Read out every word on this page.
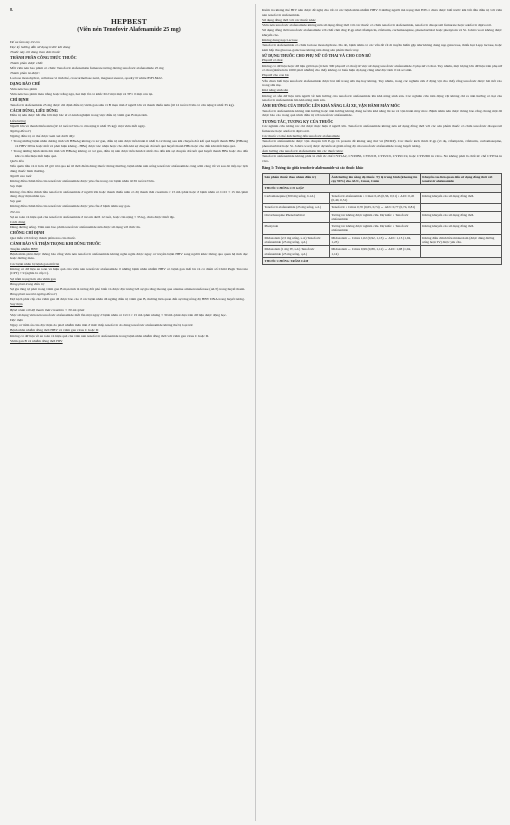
8.
HEPBEST
(Viên nén Tenofovir Alafenamide 25 mg)

Để xa tầm tay trẻ em

Đọc kỹ hướng dẫn sử dụng trước khi dùng

Thuốc này chỉ dùng theo đơn thuốc

THÀNH PHẦN CÔNG THỨC THUỐC

Thành phần dược chất:

Mỗi viên nén bao phim có chứa: Tenofovir alafenamide fumarate tương đương tenofovir alafenamide 25 mg

Thành phần tá dược:

Lactose monohydrat, cellulose vi tinh thể, croscarmellose natri, magnesi stearat, opadry II white 85F18422.

DẠNG BÀO CHẾ

Viên nén bao phim

Viên nén bao phim màu trắng hoặc trắng ngà, hai mặt lồi có khắc M ở một mặt và TF1 ở mặt còn lại.

CHỈ ĐỊNH

Tenofovir alafenamide 25 mg được chỉ định điều trị viêm gan siêu vi B mạn tính ở người lớn và thanh thiếu niên (từ 12 tuổi trở lên có cân nặng ít nhất 35 kg).

CÁCH DÙNG, LIỀU DÙNG

Điều trị nên được bắt đầu bởi một bác sĩ có kinh nghiệm trong việc điều trị viêm gan B mạn tính.

Liều lượng

Người lớn và thanh thiếu niên (từ 12 tuổi trở lên có cân nặng ít nhất 35 kg): một viên mỗi ngày.

Ngừng điều trị

Ngừng điều trị có thể được xem xét dưới đây:

• Trong những bệnh nhân dương tính với HBeAg không có xơ gan, điều trị nên được tiến hành ít nhất 6-12 tháng sau khi chuyển đổi kết quả huyết thanh HBe (HBeAg và HBV DNA hoặc mất và phát hiện kháng - HBe) được xác nhận hoặc cho đến khi sự chuyển đổi kết quả huyết thanh HBs hoặc cho đến khi mất hiệu quả.

• Trong những bệnh nhân âm tính với HBeAg không có xơ gan, điều trị nên được tiến hành ít nhất cho đến khi sự chuyển đổi kết quả huyết thanh HBs hoặc cho đến khi có dấu hiệu mất hiệu quả.

Quên liều

Nếu quên liều và ít hơn 18 giờ trôi qua kể từ thời điểm dùng thuốc thông thường, bệnh nhân nên uống tenofovir alafenamide càng sớm càng tốt và sau đó tiếp tục lịch dùng thuốc bình thường.

Người cao tuổi

Không điều chỉnh liều của tenofovir alafenamide được yêu cầu trong các bệnh nhân từ 65 tuổi trở lên.

Suy thận

Không cần điều chỉnh liều tenofovir alafenamide ở người lớn hoặc thanh thiếu niên có độ thanh thải creatinin ≥ 15 mL/phút hoặc ở bệnh nhân có CrCl < 15 mL/phút đang chạy thận nhân tạo.

Suy gan

Không điều chỉnh liều của tenofovir alafenamide được yêu cầu ở bệnh nhân suy gan.

Trẻ em

Sự an toàn và hiệu quả của tenofovir alafenamide ở trẻ em dưới 12 tuổi, hoặc cân nặng < 35 kg, chưa được thiết lập.

Cách dùng

Dùng đường uống. Viên nén bao phim tenofovir alafenamide nên được sử dụng với thức ăn.

CHỐNG CHỈ ĐỊNH

Quá mẫn với bất kỳ thành phần nào của thuốc.

CẢNH BÁO VÀ THẬN TRỌNG KHI DÙNG THUỐC

Truyền nhiễm HBV

Bệnh nhân phải được thông báo rằng viên nén tenofovir alafenamide không ngăn ngừa được nguy cơ truyền bệnh HBV sang người khác thông qua quan hệ tình dục hoặc đường máu.

Các bệnh nhân bị bệnh gan mất bù

Không có dữ liệu an toàn và hiệu quả của viên nén tenofovir alafenamide ở những bệnh nhân nhiễm HBV có bệnh gan mất bù và có điểm số Child Pugh Turcotte (CPT) > 9 (nghĩa là cấp C).

Sự trầm trọng hơn của viêm gan

Bùng phát trong điều trị

Sự gia tăng tự phát trong viêm gan B mạn tính là tương đối phổ biến và được đặc trưng bởi sự gia tăng thoáng qua alanine aminotransferase (ALT) trong huyết thanh.

Bùng phát sau khi ngừng điều trị

Đợt kịch phát cấp của viêm gan đã được báo cáo ở các bệnh nhân đã ngừng điều trị viêm gan B, thường liên quan đến sự tăng nồng độ HBV DNA trong huyết tương.

Suy thận

Bệnh nhân với độ thanh thải creatinin < 30 mL/phút

Việc sử dụng viên nén tenofovir alafenamide mỗi lần một ngày ở bệnh nhân có CrCl ≥ 15 mL/phút nhưng < 30 mL/phút dựa trên dữ liệu dược động học.

Độc thận

Nguy cơ tiềm ẩn của độc thận do phơi nhiễm mãn tính ở mức thấp tenofovir do dùng tenofovir alafenamide không thể bị loại trừ.

Bệnh nhân nhiễm đồng thời HBV và viêm gan virus C hoặc D

Không có dữ liệu về an toàn và hiệu quả của viên nén tenofovir alafenamide trong bệnh nhân nhiễm đồng thời với viêm gan virus C hoặc D.

Viêm gan B và nhiễm đồng thời HIV

Kiểm tra kháng thể HIV nên được đề nghị cho tất cả các bệnh nhân nhiễm HBV ở những người mà trạng thái HIV-1 chưa được biết trước khi bắt đầu điều trị với viên nén tenofovir alafenamide.

Sử dụng đồng thời với các thuốc khác

Viên nén tenofovir alafenamide không nên sử dụng đồng thời với các thuốc có chứa tenofovir alafenamide, tenofovir disoproxil fumarate hoặc adefovir dipivoxil.

Sử dụng đồng thời tenofovir alafenamide với chất cảm ứng P-gp như rifampicin, rifabutin, carbamazepine, phenobarbital hoặc phenytoin và St. John's wort không được khuyến cáo.

Không dung nạp Lactose

Tenofovir alafenamide có chứa lactose monohydrate. Do đó, bệnh nhân có các vấn đề về di truyền hiếm gặp như không dung nạp galactose, thiếu hụt Lapp lactase, hoặc kém hấp thu glucose-galactose không nên dùng sản phẩm thuốc này.

SỬ DỤNG THUỐC CHO PHỤ NỮ CÓ THAI VÀ CHO CON BÚ

Phụ nữ có thai

Không có dữ liệu hoặc dữ liệu giới hạn (ít hơn 300 phụ nữ có thai) từ việc sử dụng tenofovir alafenamide ở phụ nữ có thai. Tuy nhiên, một lượng lớn dữ liệu trên phụ nữ có thai (nhiều hơn 1000 phơi nhiễm) cho thấy không có biểu hiện dị dạng cũng như độc tính ở trẻ sơ sinh.

Phụ nữ cho con bú

Vẫn chưa biết liệu tenofovir alafenamide được bài tiết trong sữa mẹ hay không. Tuy nhiên, trong các nghiên cứu ở động vật cho thấy rằng tenofovir được bài tiết vào trong sữa mẹ.

Khả năng sinh sản

Không có sẵn dữ liệu trên người về ảnh hưởng của tenofovir alafenamide lên khả năng sinh sản. Các nghiên cứu trên động vật không chỉ ra ảnh hưởng có hại của tenofovir alafenamide lên khả năng sinh sản.

ẢNH HƯỞNG CỦA THUỐC LÊN KHẢ NĂNG LÁI XE, VẬN HÀNH MÁY MÓC

Tenofovir alafenamide không ảnh hưởng hoặc ảnh hưởng không đáng kể lên khả năng lái xe và vận hành máy móc. Bệnh nhân nên được thông báo rằng chóng mặt đã được báo cáo trong quá trình điều trị với tenofovir alafenamide.

TƯƠNG TÁC, TƯƠNG KỴ CỦA THUỐC

Các nghiên cứu tương tác chỉ được thực hiện ở người lớn. Tenofovir alafenamide không nên sử dụng đồng thời với các sản phẩm thuốc có chứa tenofovir disoproxil fumarate hoặc adefovir dipivoxil.

Các thuốc có thể ảnh hưởng đến tenofovir alafenamide

Tenofovir alafenamide được vận chuyển bởi P-gp và protein đề kháng ung thư vú (BCRP). Các thuốc kích thích P-gp (ví dụ, rifampicin, rifabutin, carbamazepine, phenobarbital hoặc St. John's wort) được dự kiến sẽ giảm nồng độ của tenofovir alafenamide trong huyết tương.

Ảnh hưởng của tenofovir alafenamide lên các thuốc khác

Tenofovir alafenamide không phải là chất ức chế CYP1A2, CYP2B6, CYP2C8, CYP2C9, CYP2C19, hoặc CYP2D6 in vitro. Nó không phải là chất ức chế CYP3A in vivo.

Bảng 1: Tương tác giữa tenofovir alafenamide và các thuốc khác
Sản phẩm thuốc theo nhóm điều trị	Ảnh hưởng lên nồng độ thuốc. Tỷ lệ trung bình (khoảng tin cậy 90%) cho AUC, Cmax, Cmin	Khuyến cáo liên quan đến sử dụng đồng thời với tenofovir alafenamide
THUỐC CHỐNG CO GIẬT		
Carbamazepine (300 mg uống, b.i.d.)	Tenofovir alafenamide ↓ Cmax 0,43 (0,36, 0,51) ↓ AUC 0,45 (0,40, 0,51)	Không khuyến cáo sử dụng đồng thời.
Tenofovir alafenamide (25 mg uống, s.d.)	Tenofovir ↓ Cmax 0,70 (0,65, 0,74) ↔ AUC 0,77 (0,74, 0,81)	
Oxcarbazepine Phenobarbital	Tương tác không được nghiên cứu. Dự kiến: ↓ Tenofovir alafenamide	Không khuyến cáo sử dụng đồng thời.
Phenytoin	Tương tác không được nghiên cứu. Dự kiến: ↓ Tenofovir alafenamide	Không khuyến cáo sử dụng đồng thời.
Midazolam (2,5 mg uống, s.d.) Tenofovir alafenamide (25 mg uống, q.d.)	Midazolam ↔ Cmax 1,02 (0,92, 1,13) ↔ AUC 1,13 (1,04, 1,23)	Không điều chỉnh liều midazolam (được dùng đường uống hoặc IV) được yêu cầu.
Midazolam (1 mg IV, s.d.) Tenofovir alafenamide (25 mg uống, q.d.)	Midazolam ↔ Cmax 0,99 (0,89, 1,11) ↔ AUC 1,08 (1,04, 1,14)	
THUỐC CHỐNG TRẦM CẢM		
